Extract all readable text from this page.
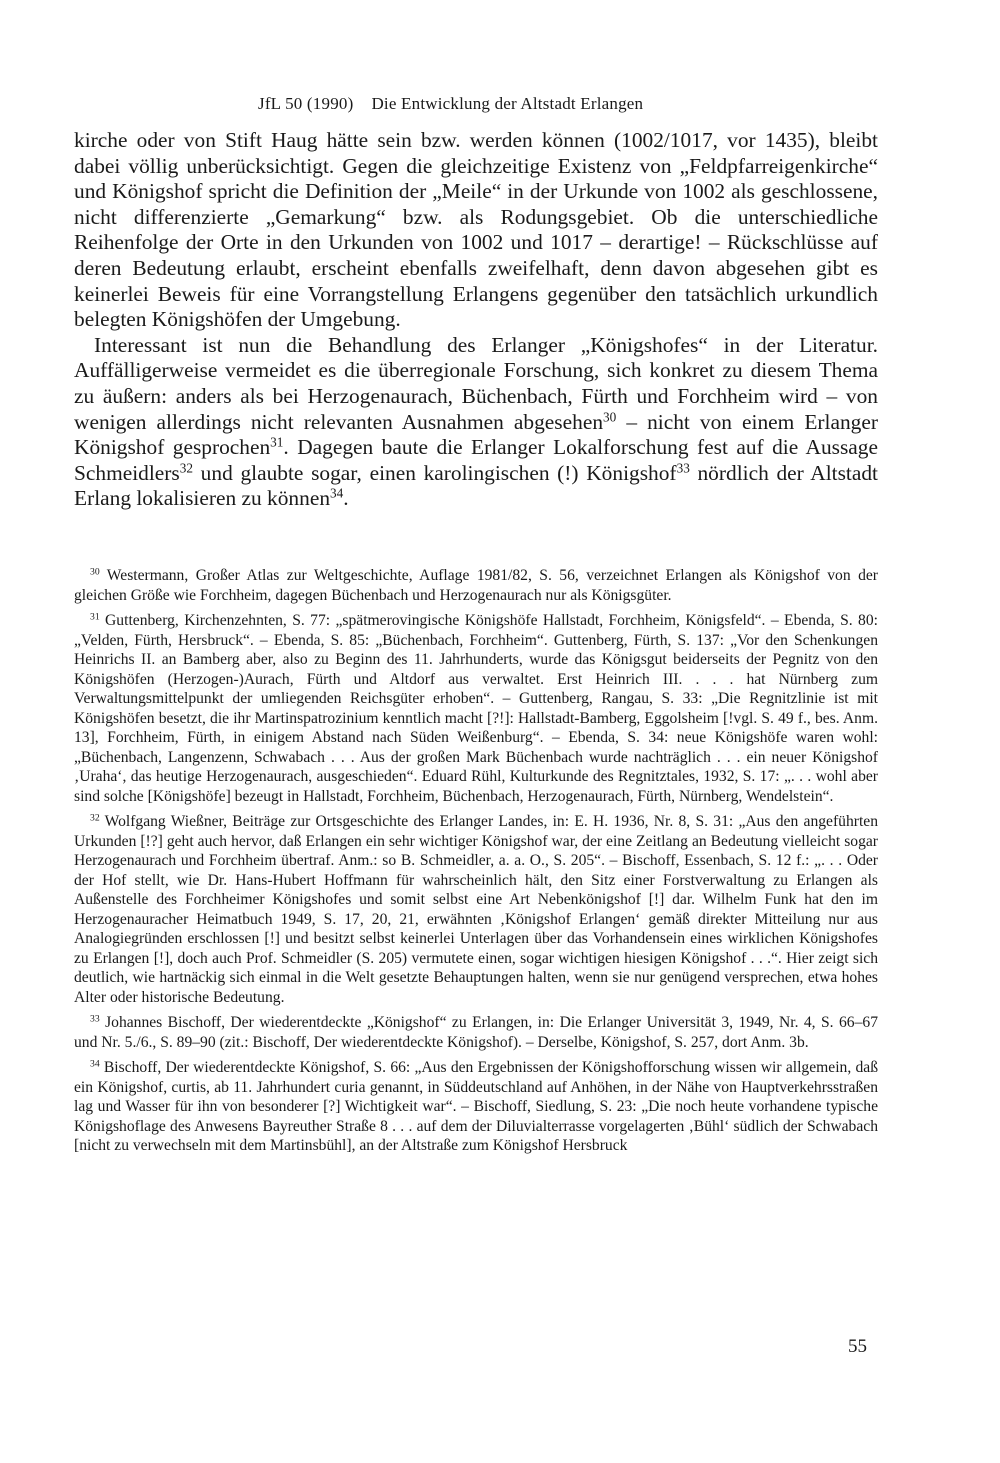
JfL 50 (1990) Die Entwicklung der Altstadt Erlangen

kirche oder von Stift Haug hätte sein bzw. werden können (1002/1017, vor 1435), bleibt dabei völlig unberücksichtigt. Gegen die gleichzeitige Existenz von „Feldpfarreigenkirche“ und Königshof spricht die Definition der „Meile“ in der Urkunde von 1002 als geschlossene, nicht differenzierte „Gemarkung“ bzw. als Rodungsgebiet. Ob die unterschiedliche Reihenfolge der Orte in den Urkunden von 1002 und 1017 – derartige! – Rückschlüsse auf deren Bedeutung erlaubt, erscheint ebenfalls zweifelhaft, denn davon abgesehen gibt es keinerlei Beweis für eine Vorrangstellung Erlangens gegenüber den tatsächlich urkundlich belegten Königshöfen der Umgebung.

Interessant ist nun die Behandlung des Erlanger „Königshofes“ in der Literatur. Auffälligerweise vermeidet es die überregionale Forschung, sich konkret zu diesem Thema zu äußern: anders als bei Herzogenaurach, Büchenbach, Fürth und Forchheim wird – von wenigen allerdings nicht relevanten Ausnahmen abgesehen$^{30}$ – nicht von einem Erlanger Königshof gesprochen$^{31}$. Dagegen baute die Erlanger Lokalforschung fest auf die Aussage Schmeidlers$^{32}$ und glaubte sogar, einen karolingischen (!) Königshof$^{33}$ nördlich der Altstadt Erlang lokalisieren zu können$^{34}$.

$^{30}$ Westermann, Großer Atlas zur Weltgeschichte, Auflage 1981/82, S. 56, verzeichnet Erlangen als Königshof von der gleichen Größe wie Forchheim, dagegen Büchenbach und Herzogenaurach nur als Königsgüter.

$^{31}$ Guttenberg, Kirchenzehnten, S. 77: „spätmerovingische Königshöfe Hallstadt, Forchheim, Königsfeld“. – Ebenda, S. 80: „Velden, Fürth, Hersbruck“. – Ebenda, S. 85: „Büchenbach, Forchheim“. Guttenberg, Fürth, S. 137: „Vor den Schenkungen Heinrichs II. an Bamberg aber, also zu Beginn des 11. Jahrhunderts, wurde das Königsgut beiderseits der Pegnitz von den Königshöfen (Herzogen-)Aurach, Fürth und Altdorf aus verwaltet. Erst Heinrich III. . . . hat Nürnberg zum Verwaltungsmittelpunkt der umliegenden Reichsgüter erhoben“. – Guttenberg, Rangau, S. 33: „Die Regnitzlinie ist mit Königshöfen besetzt, die ihr Martinspatrozinium kenntlich macht [?!]: Hallstadt-Bamberg, Eggolsheim [!vgl. S. 49 f., bes. Anm. 13], Forchheim, Fürth, in einigem Abstand nach Süden Weißenburg“. – Ebenda, S. 34: neue Königshöfe waren wohl: „Büchenbach, Langenzenn, Schwabach . . . Aus der großen Mark Büchenbach wurde nachträglich . . . ein neuer Königshof ‚Uraha‘, das heutige Herzogenaurach, ausgeschieden“. Eduard Rühl, Kulturkunde des Regnitztales, 1932, S. 17: „. . . wohl aber sind solche [Königshöfe] bezeugt in Hallstadt, Forchheim, Büchenbach, Herzogenaurach, Fürth, Nürnberg, Wendelstein“.

$^{32}$ Wolfgang Wießner, Beiträge zur Ortsgeschichte des Erlanger Landes, in: E. H. 1936, Nr. 8, S. 31: „Aus den angeführten Urkunden [!?] geht auch hervor, daß Erlangen ein sehr wichtiger Königshof war, der eine Zeitlang an Bedeutung vielleicht sogar Herzogenaurach und Forchheim übertraf. Anm.: so B. Schmeidler, a. a. O., S. 205“. – Bischoff, Essenbach, S. 12 f.: „. . . Oder der Hof stellt, wie Dr. Hans-Hubert Hoffmann für wahrscheinlich hält, den Sitz einer Forstverwaltung zu Erlangen als Außenstelle des Forchheimer Königshofes und somit selbst eine Art Nebenkönigshof [!] dar. Wilhelm Funk hat den im Herzogenauracher Heimatbuch 1949, S. 17, 20, 21, erwähnten ‚Königshof Erlangen‘ gemäß direkter Mitteilung nur aus Analogiegründen erschlossen [!] und besitzt selbst keinerlei Unterlagen über das Vorhandensein eines wirklichen Königshofes zu Erlangen [!], doch auch Prof. Schmeidler (S. 205) vermutete einen, sogar wichtigen hiesigen Königshof . . .“. Hier zeigt sich deutlich, wie hartnäckig sich einmal in die Welt gesetzte Behauptungen halten, wenn sie nur genügend versprechen, etwa hohes Alter oder historische Bedeutung.

$^{33}$ Johannes Bischoff, Der wiederentdeckte „Königshof“ zu Erlangen, in: Die Erlanger Universität 3, 1949, Nr. 4, S. 66–67 und Nr. 5./6., S. 89–90 (zit.: Bischoff, Der wiederentdeckte Königshof). – Derselbe, Königshof, S. 257, dort Anm. 3b.

$^{34}$ Bischoff, Der wiederentdeckte Königshof, S. 66: „Aus den Ergebnissen der Königshofforschung wissen wir allgemein, daß ein Königshof, curtis, ab 11. Jahrhundert curia genannt, in Süddeutschland auf Anhöhen, in der Nähe von Hauptverkehrsstraßen lag und Wasser für ihn von besonderer [?] Wichtigkeit war“. – Bischoff, Siedlung, S. 23: „Die noch heute vorhandene typische Königshoflage des Anwesens Bayreuther Straße 8 . . . auf dem der Diluvialterrasse vorgelagerten ‚Bühl‘ südlich der Schwabach [nicht zu verwechseln mit dem Martinsbühl], an der Altstraße zum Königshof Hersbruck

55
